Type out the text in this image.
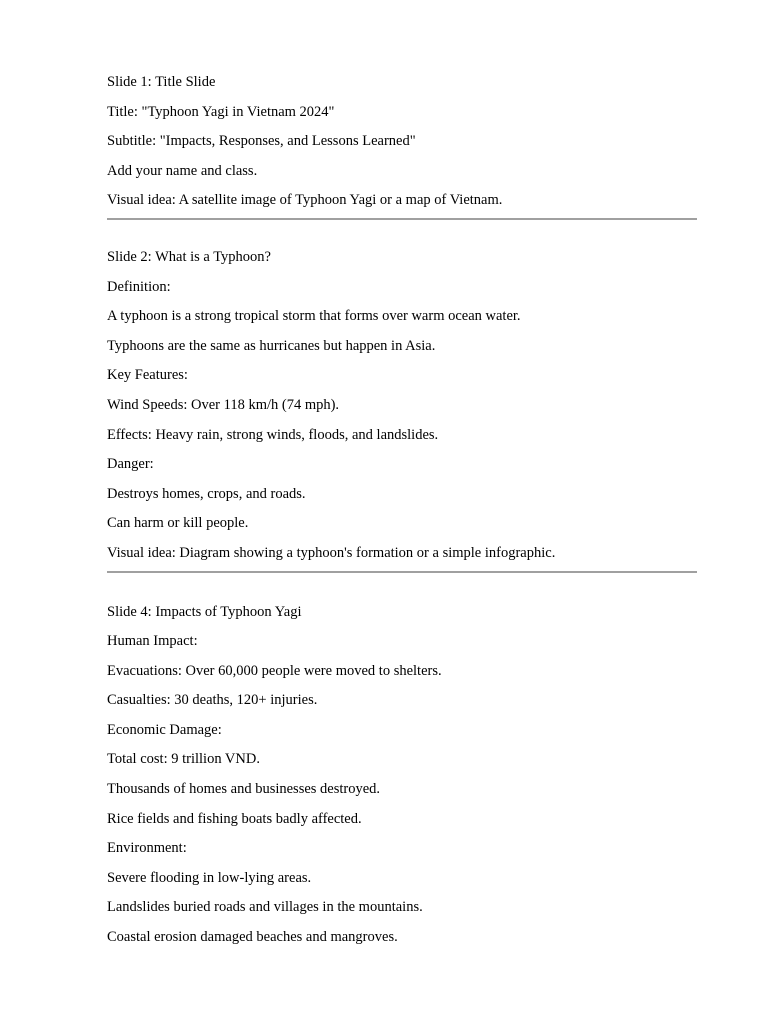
Slide 1: Title Slide
Title: "Typhoon Yagi in Vietnam 2024"
Subtitle: "Impacts, Responses, and Lessons Learned"
Add your name and class.
Visual idea: A satellite image of Typhoon Yagi or a map of Vietnam.
Slide 2: What is a Typhoon?
Definition:
A typhoon is a strong tropical storm that forms over warm ocean water.
Typhoons are the same as hurricanes but happen in Asia.
Key Features:
Wind Speeds: Over 118 km/h (74 mph).
Effects: Heavy rain, strong winds, floods, and landslides.
Danger:
Destroys homes, crops, and roads.
Can harm or kill people.
Visual idea: Diagram showing a typhoon's formation or a simple infographic.
Slide 4: Impacts of Typhoon Yagi
Human Impact:
Evacuations: Over 60,000 people were moved to shelters.
Casualties: 30 deaths, 120+ injuries.
Economic Damage:
Total cost: 9 trillion VND.
Thousands of homes and businesses destroyed.
Rice fields and fishing boats badly affected.
Environment:
Severe flooding in low-lying areas.
Landslides buried roads and villages in the mountains.
Coastal erosion damaged beaches and mangroves.
